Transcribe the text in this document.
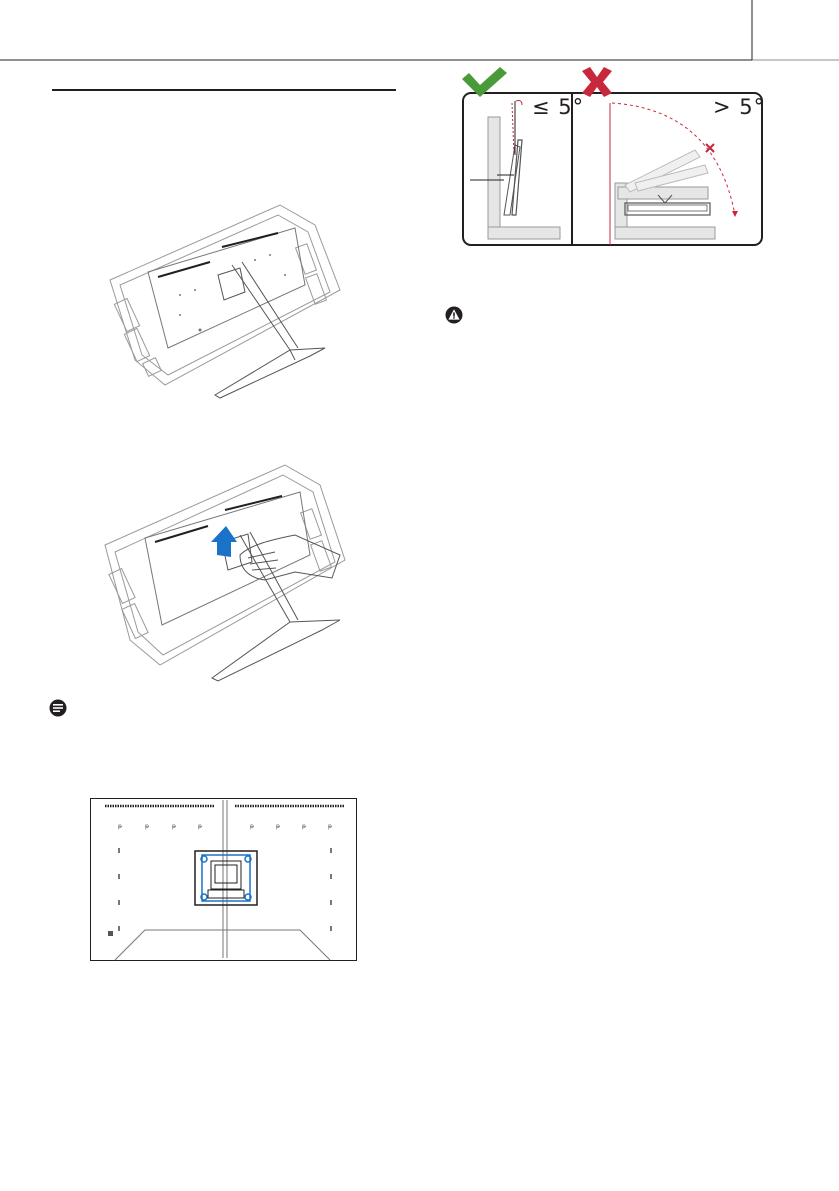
ᵽ	ᵽ	ᵽ	ᵽ	ᵽ	ᵽ	ᵽ	ᵽ
≤ 5°	> 5°
